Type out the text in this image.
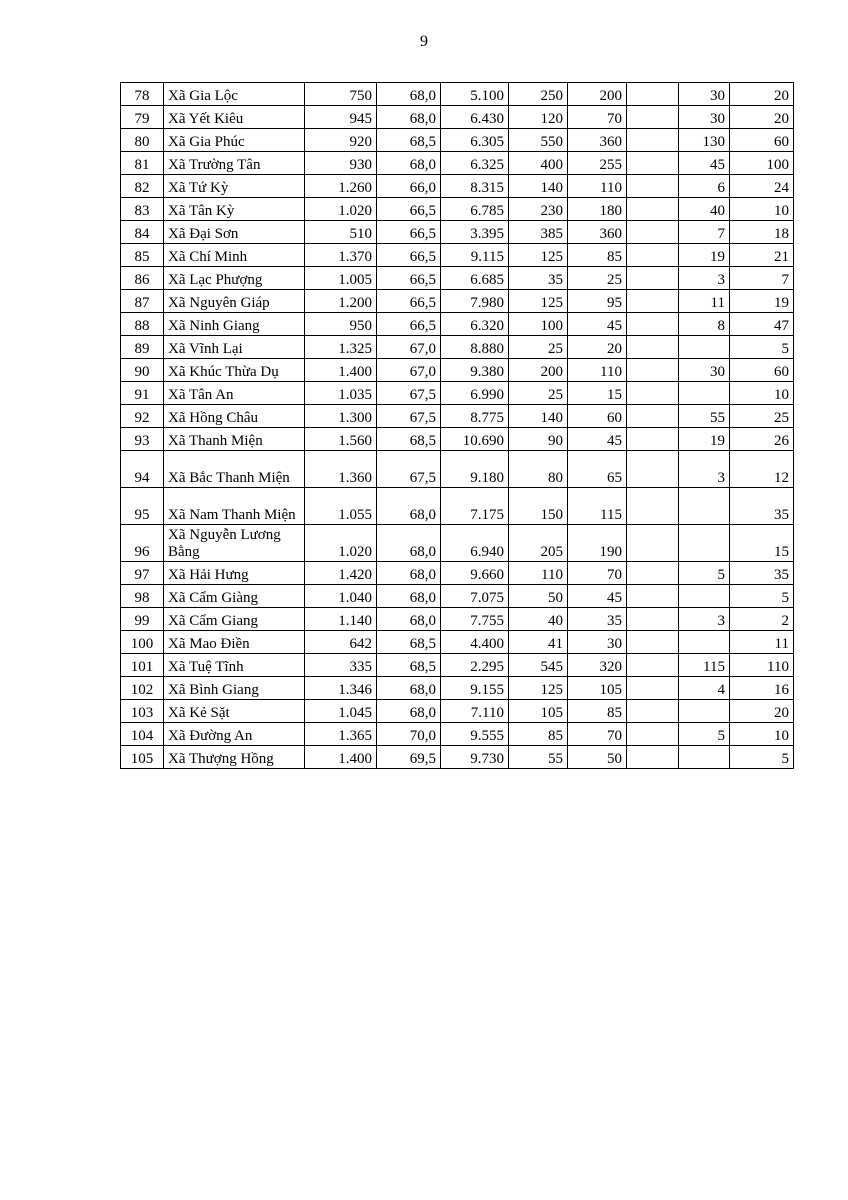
9
78	Xã Gia Lộc	750	68,0	5.100	250	200		30	20
79	Xã Yết Kiêu	945	68,0	6.430	120	70		30	20
80	Xã Gia Phúc	920	68,5	6.305	550	360		130	60
81	Xã Trường Tân	930	68,0	6.325	400	255		45	100
82	Xã Tứ Kỳ	1.260	66,0	8.315	140	110		6	24
83	Xã Tân Kỳ	1.020	66,5	6.785	230	180		40	10
84	Xã Đại Sơn	510	66,5	3.395	385	360		7	18
85	Xã Chí Minh	1.370	66,5	9.115	125	85		19	21
86	Xã Lạc Phượng	1.005	66,5	6.685	35	25		3	7
87	Xã Nguyên Giáp	1.200	66,5	7.980	125	95		11	19
88	Xã Ninh Giang	950	66,5	6.320	100	45		8	47
89	Xã Vĩnh Lại	1.325	67,0	8.880	25	20			5
90	Xã Khúc Thừa Dụ	1.400	67,0	9.380	200	110		30	60
91	Xã Tân An	1.035	67,5	6.990	25	15			10
92	Xã Hồng Châu	1.300	67,5	8.775	140	60		55	25
93	Xã Thanh Miện	1.560	68,5	10.690	90	45		19	26
94	Xã Bắc Thanh Miện	1.360	67,5	9.180	80	65		3	12
95	Xã Nam Thanh Miện	1.055	68,0	7.175	150	115			35
96	Xã Nguyễn Lương Bằng	1.020	68,0	6.940	205	190			15
97	Xã Hải Hưng	1.420	68,0	9.660	110	70		5	35
98	Xã Cẩm Giàng	1.040	68,0	7.075	50	45			5
99	Xã Cẩm Giang	1.140	68,0	7.755	40	35		3	2
100	Xã Mao Điền	642	68,5	4.400	41	30			11
101	Xã Tuệ Tĩnh	335	68,5	2.295	545	320		115	110
102	Xã Bình Giang	1.346	68,0	9.155	125	105		4	16
103	Xã Kẻ Sặt	1.045	68,0	7.110	105	85			20
104	Xã Đường An	1.365	70,0	9.555	85	70		5	10
105	Xã Thượng Hồng	1.400	69,5	9.730	55	50			5
